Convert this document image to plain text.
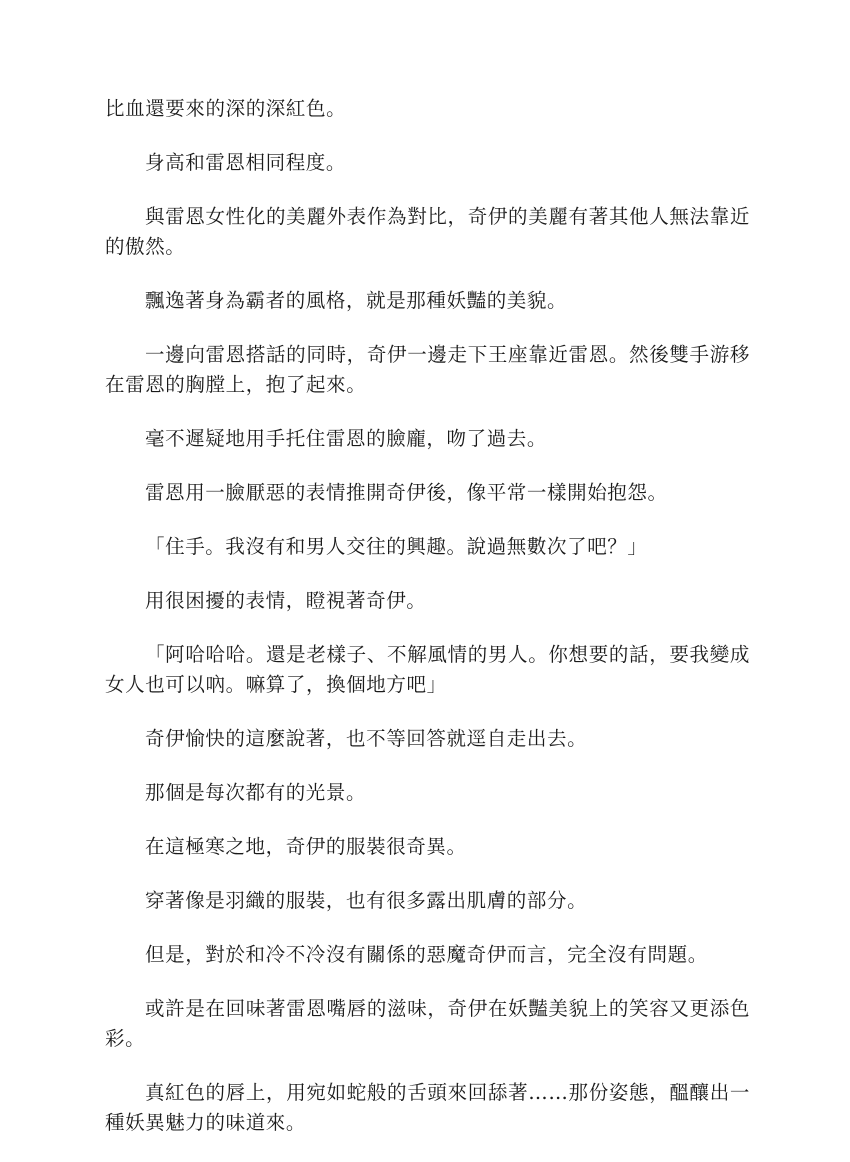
比血還要來的深的深紅色。

身高和雷恩相同程度。

與雷恩女性化的美麗外表作為對比，奇伊的美麗有著其他人無法靠近的傲然。

飄逸著身為霸者的風格，就是那種妖豔的美貌。

一邊向雷恩搭話的同時，奇伊一邊走下王座靠近雷恩。然後雙手游移在雷恩的胸膛上，抱了起來。

毫不遲疑地用手托住雷恩的臉龐，吻了過去。

雷恩用一臉厭惡的表情推開奇伊後，像平常一樣開始抱怨。

「住手。我沒有和男人交往的興趣。說過無數次了吧？」

用很困擾的表情，瞪視著奇伊。

「阿哈哈哈。還是老樣子、不解風情的男人。你想要的話，要我變成女人也可以吶。嘛算了，換個地方吧」

奇伊愉快的這麼說著，也不等回答就逕自走出去。

那個是每次都有的光景。

在這極寒之地，奇伊的服裝很奇異。

穿著像是羽織的服裝，也有很多露出肌膚的部分。

但是，對於和冷不冷沒有關係的惡魔奇伊而言，完全沒有問題。

或許是在回味著雷恩嘴唇的滋味，奇伊在妖豔美貌上的笑容又更添色彩。

真紅色的唇上，用宛如蛇般的舌頭來回舔著……那份姿態，醞釀出一種妖異魅力的味道來。
